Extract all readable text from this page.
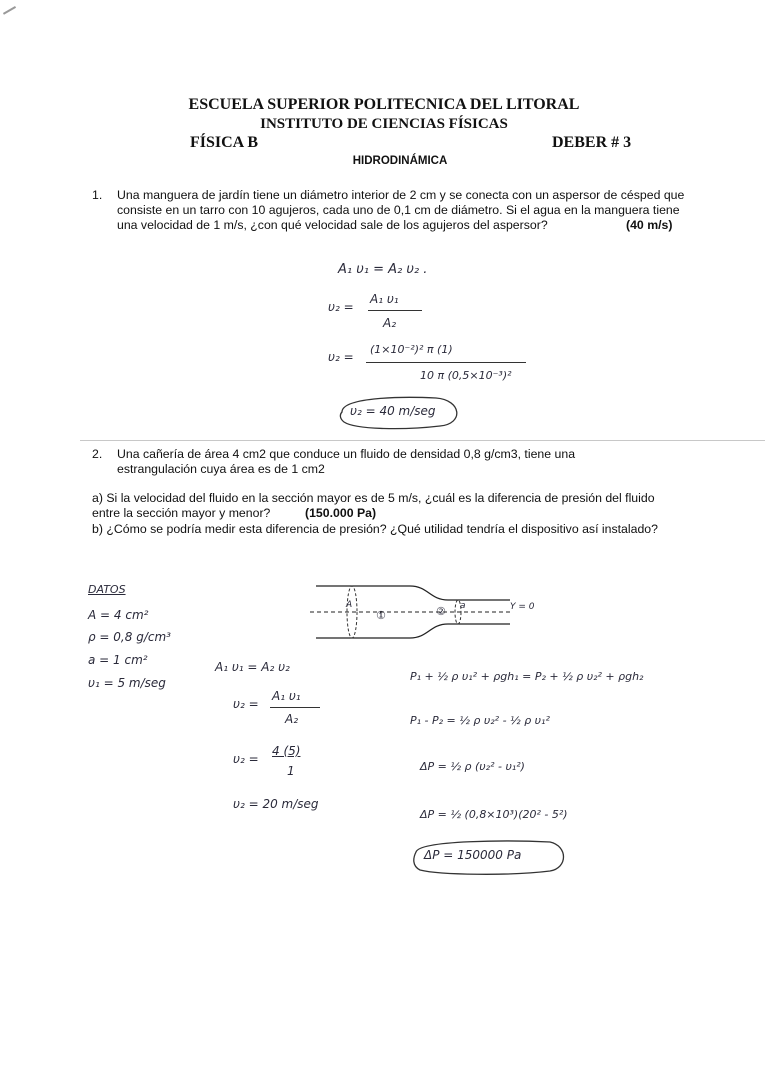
ESCUELA SUPERIOR POLITECNICA DEL LITORAL
INSTITUTO DE CIENCIAS FÍSICAS
FÍSICA B	DEBER # 3
HIDRODINÁMICA
1. Una manguera de jardín tiene un diámetro interior de 2 cm y se conecta con un aspersor de césped que
consiste en un tarro con 10 agujeros, cada uno de 0,1 cm de diámetro. Si el agua en la manguera tiene
una velocidad de 1 m/s, ¿con qué velocidad sale de los agujeros del aspersor?	(40 m/s)
A₁ υ₁ = A₂ υ₂ .
υ₂ =
A₁ υ₁
A₂
υ₂ =
(1×10⁻²)² π (1)
10 π (0,5×10⁻³)²
υ₂ = 40 m/seg
2. Una cañería de área 4 cm2 que conduce un fluido de densidad 0,8 g/cm3, tiene una
estrangulación cuya área es de 1 cm2
a) Si la velocidad del fluido en la sección mayor es de 5 m/s, ¿cuál es la diferencia de presión del fluido
entre la sección mayor y menor?	(150.000 Pa)
b) ¿Cómo se podría medir esta diferencia de presión? ¿Qué utilidad tendría el dispositivo así instalado?
DATOS
A = 4 cm²
ρ = 0,8 g/cm³
a = 1 cm²
υ₁ = 5 m/seg
A
①	② a	Y = 0
A₁ υ₁ = A₂ υ₂
υ₂ =
A₁ υ₁
A₂
υ₂ =
4 (5)
1
υ₂ = 20 m/seg
P₁ + ½ ρ υ₁² + ρgh₁ = P₂ + ½ ρ υ₂² + ρgh₂
P₁ - P₂ = ½ ρ υ₂² - ½ ρ υ₁²
ΔP = ½ ρ (υ₂² - υ₁²)
ΔP = ½ (0,8×10³)(20² - 5²)
ΔP = 150000 Pa
